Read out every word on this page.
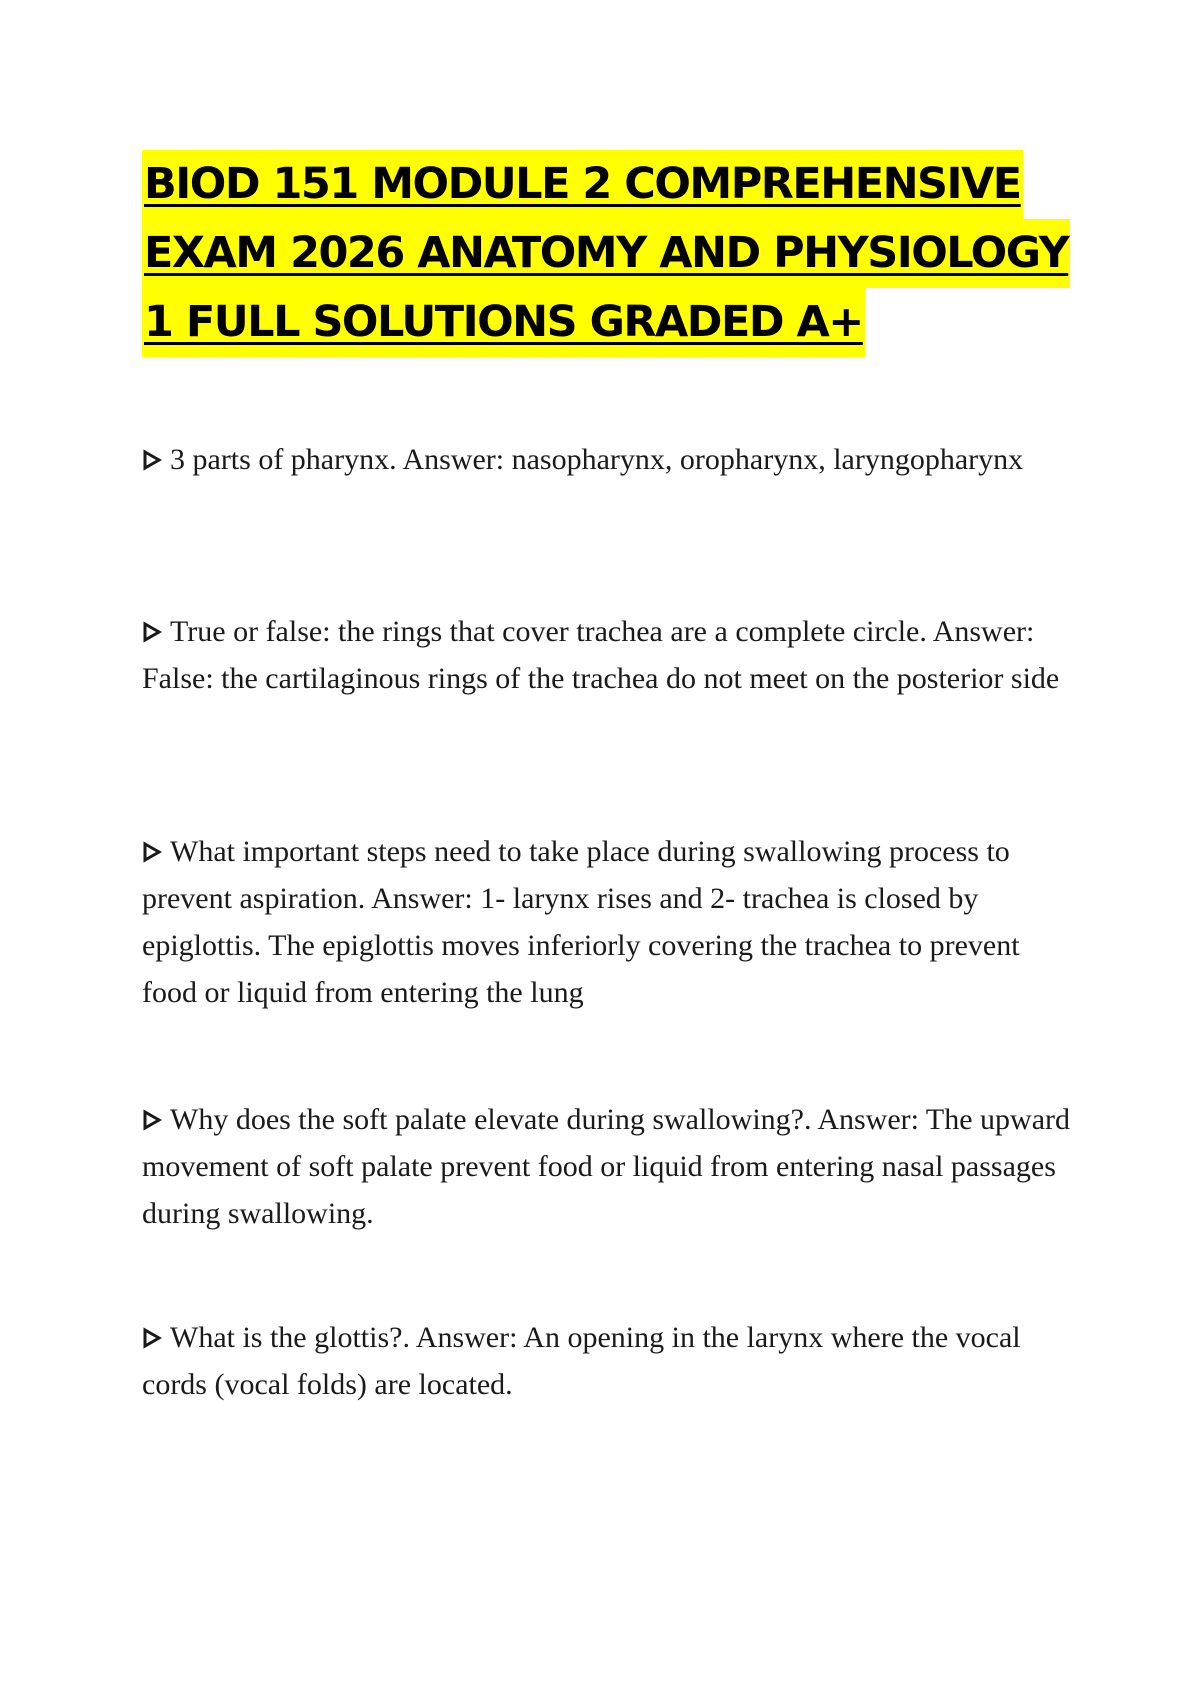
BIOD 151 MODULE 2 COMPREHENSIVE
EXAM 2026 ANATOMY AND PHYSIOLOGY
1 FULL SOLUTIONS GRADED A+
3 parts of pharynx. Answer: nasopharynx, oropharynx, laryngopharynx
True or false: the rings that cover trachea are a complete circle. Answer: False: the cartilaginous rings of the trachea do not meet on the posterior side
What important steps need to take place during swallowing process to prevent aspiration. Answer: 1- larynx rises and 2- trachea is closed by epiglottis. The epiglottis moves inferiorly covering the trachea to prevent food or liquid from entering the lung
Why does the soft palate elevate during swallowing?. Answer: The upward movement of soft palate prevent food or liquid from entering nasal passages during swallowing.
What is the glottis?. Answer: An opening in the larynx where the vocal cords (vocal folds) are located.
